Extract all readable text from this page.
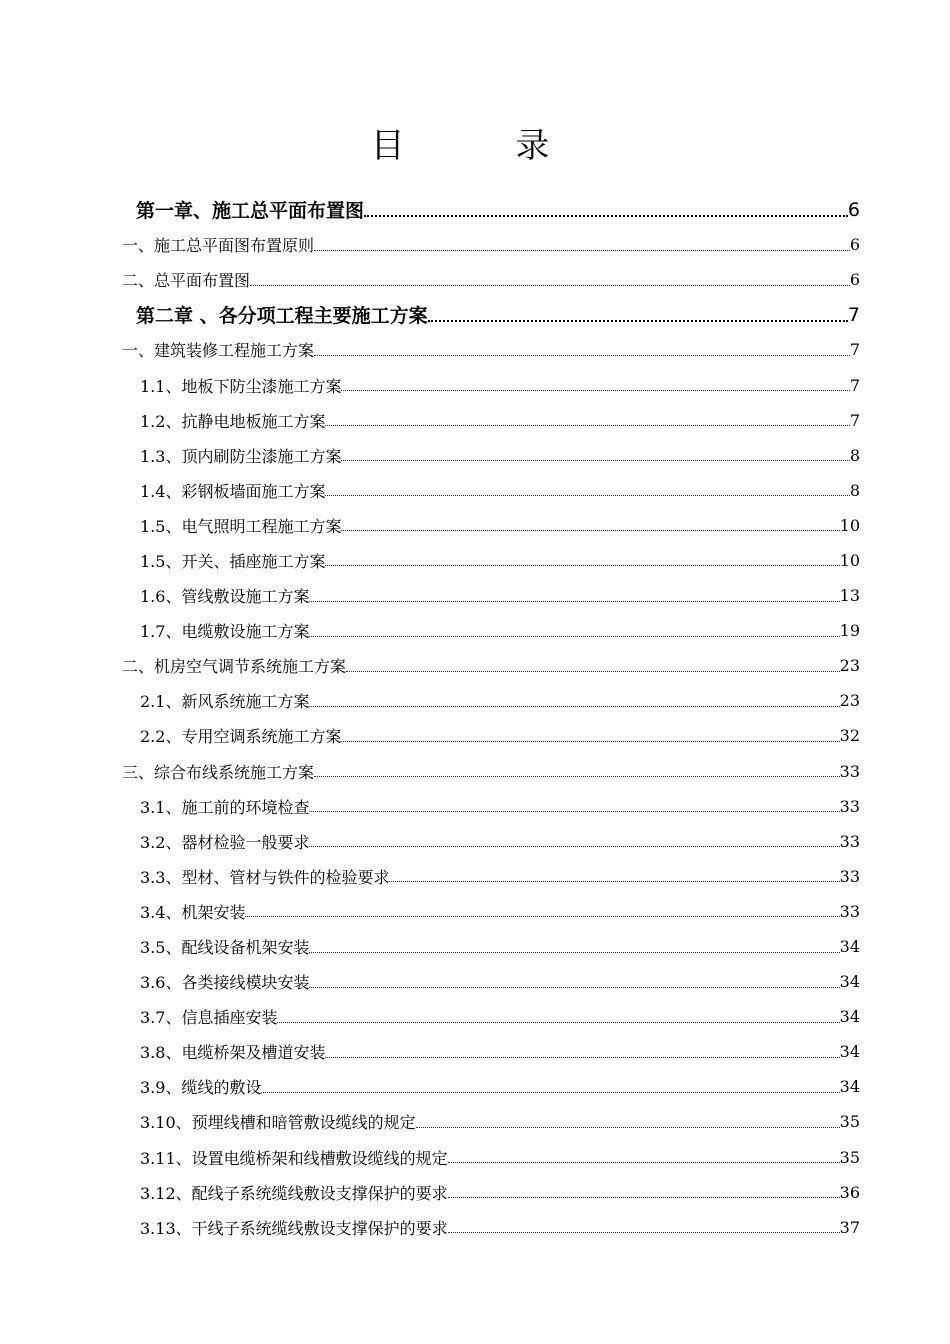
目 录
第一章、施工总平面布置图	6
一、施工总平面图布置原则	6
二、总平面布置图	6
第二章 、各分项工程主要施工方案	7
一、建筑装修工程施工方案	7
1.1、地板下防尘漆施工方案	7
1.2、抗静电地板施工方案	7
1.3、顶内刷防尘漆施工方案	8
1.4、彩钢板墙面施工方案	8
1.5、电气照明工程施工方案	10
1.5、开关、插座施工方案	10
1.6、管线敷设施工方案	13
1.7、电缆敷设施工方案	19
二、机房空气调节系统施工方案	23
2.1、新风系统施工方案	23
2.2、专用空调系统施工方案	32
三、综合布线系统施工方案	33
3.1、施工前的环境检查	33
3.2、器材检验一般要求	33
3.3、型材、管材与铁件的检验要求	33
3.4、机架安装	33
3.5、配线设备机架安装	34
3.6、各类接线模块安装	34
3.7、信息插座安装	34
3.8、电缆桥架及槽道安装	34
3.9、缆线的敷设	34
3.10、预埋线槽和暗管敷设缆线的规定	35
3.11、设置电缆桥架和线槽敷设缆线的规定	35
3.12、配线子系统缆线敷设支撑保护的要求	36
3.13、干线子系统缆线敷设支撑保护的要求	37
